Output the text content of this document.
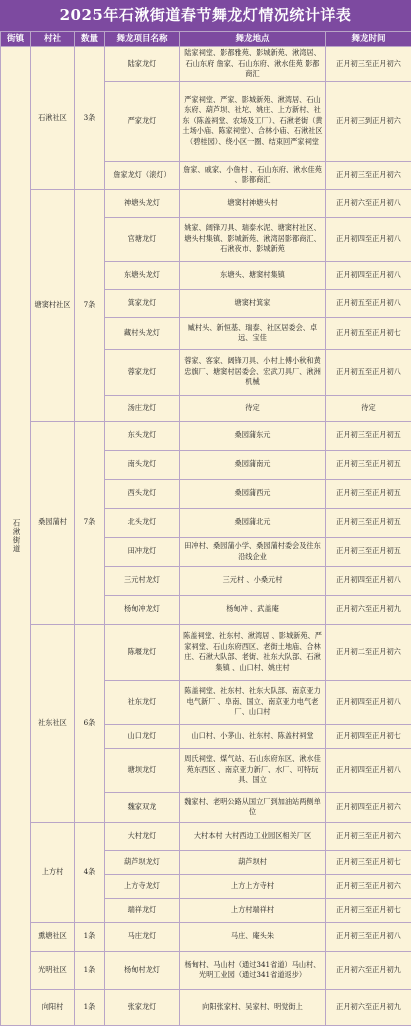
2025年石湫街道春节舞龙灯情况统计详表
街镇	村社	数量	舞龙项目名称	舞龙地点	舞龙时间

石湫街道	石湫社区	3条	陆家龙灯	陆家祠堂、影都雅苑、影城新苑、湫湾居、石山东府 詹家、石山东府、湫水佳苑 影都商汇	正月初三至正月初六
			严家龙灯	严家祠堂、严家、影城新苑、湫湾居、石山东府、葫芦坝、社坨、姚庄、上方新村、社东（陈盖祠堂、农场及工厂）、石湫老街（黄土场小庙、陈家祠堂）、合林小庙、石湫社区（碧桂园）、绕小区一圈、结束回严家祠堂	正月初三到正月初六
			詹家龙灯（滚灯）	詹家、戚家、小詹村 、石山东府、湫水佳苑 、影都商汇	正月初三至正月初六
	塘窦村社区	7条	神塘头龙灯	塘窦村神塘头村	正月初六至正月初八
			官塘龙灯	姚家、阔锋刀具、瑞泰水泥、塘窦村社区、塘头村集镇、影城新苑、湫湾居影都商汇、石湫夜市、影城新苑	正月初四至正月初八
			东塘头龙灯	东塘头、塘窦村集镇	正月初四至正月初八
			箕家龙灯	塘窦村箕家	正月初五至正月初八
			藏村头龙灯	臧村头、新恒基、瑞泰、社区居委会、卓远、宝佳	正月初五至正月初七
			蓉家龙灯	蓉家、客家、阔锋刀具、小村上傅小秋和黄忠旗厂、塘窦村居委会、宏武刀具厂、湫洲机械	正月初五至正月初八
			汤庄龙灯	待定	待定
	桑园蒲村	7条	东头龙灯	桑园蒲东元	正月初三至正月初五
			南头龙灯	桑园蒲南元	正月初三至正月初五
			西头龙灯	桑园蒲西元	正月初三至正月初五
			北头龙灯	桑园蒲北元	正月初三至正月初五
			田冲龙灯	田冲村、桑园蒲小学、桑园蒲村委会及往东沿线企业	正月初三至正月初五
			三元村龙灯	三元村 、小桑元村	正月初四至正月初八
			杨甸冲龙灯	杨甸冲 、武盖庵	正月初六至正月初九
	社东社区	6条	陈堰龙灯	陈盖祠堂、社东村、湫湾居 、影城新苑、严家祠堂、石山东府西区、老街土地庙、合林庄、石湫大队部、老街、社东大队部、石湫集镇 、山口村、姚庄村	正月初二至正月初六
			社东龙灯	陈盖祠堂、社东村、社东大队部、南京亚力电气新厂 、阜南、国立、南京亚力电气老厂、山口村	正月初四至正月初八
			山口龙灯	山口村、小茅山、社东村、陈盖村祠堂	正月初四至正月初七
			塘坝龙灯	周氏祠堂、煤气站、石山东府东区、湫水佳苑东西区 、南京亚力新厂、水厂、可特玩具、国立	正月初四至正月初八
			魏家双龙	魏家村、老明公路从国立厂到加油站两侧单位	正月初四至正月初六
	上方村	4条	大村龙灯	大村本村 大村西边工业园区相关厂区	正月初三至正月初六
			葫芦坝龙灯	葫芦坝村	正月初三至正月初七
			上方寺龙灯	上方上方寺村	正月初三至正月初六
			端祥龙灯	上方村端祥村	正月初三至正月初七
	熏塘社区	1条	马庄龙灯	马庄、庵头朱	正月初三至正月初八
	光明社区	1条	杨甸村龙灯	杨甸村、马山村（通过341省道）马山村、光明工业园（通过341省道返步）	正月初六至正月初九
	向阳村	1条	张家龙灯	向阳张家村、吴家村、明觉街上	正月初六至正月初九
